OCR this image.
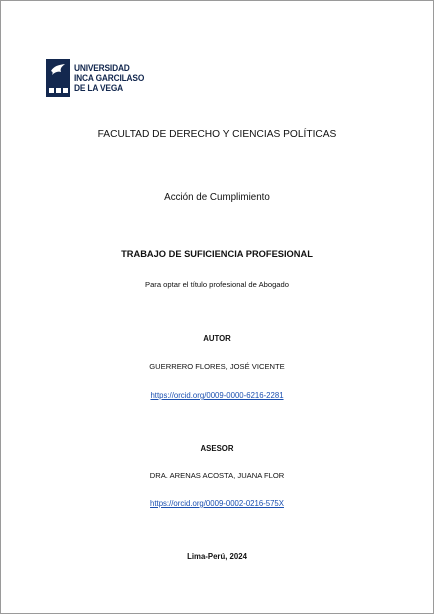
UNIVERSIDAD
INCA GARCILASO
DE LA VEGA
FACULTAD DE DERECHO Y CIENCIAS POLÍTICAS
Acción de Cumplimiento
TRABAJO DE SUFICIENCIA PROFESIONAL
Para optar el título profesional de Abogado
AUTOR
GUERRERO FLORES, JOSÉ VICENTE
https://orcid.org/0009-0000-6216-2281
ASESOR
DRA. ARENAS ACOSTA, JUANA FLOR
https://orcid.org/0009-0002-0216-575X
Lima-Perú, 2024
